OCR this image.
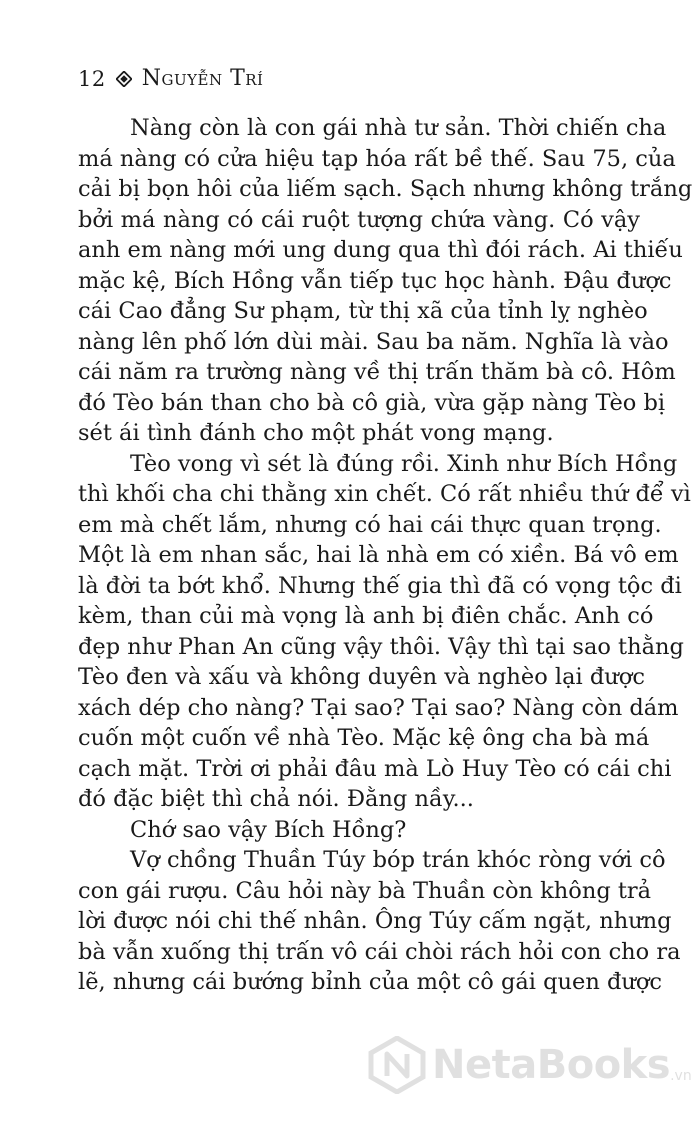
12 Nguyễn Trí
Nàng còn là con gái nhà tư sản. Thời chiến cha
má nàng có cửa hiệu tạp hóa rất bề thế. Sau 75, của
cải bị bọn hôi của liếm sạch. Sạch nhưng không trắng
bởi má nàng có cái ruột tượng chứa vàng. Có vậy
anh em nàng mới ung dung qua thì đói rách. Ai thiếu
mặc kệ, Bích Hồng vẫn tiếp tục học hành. Đậu được
cái Cao đẳng Sư phạm, từ thị xã của tỉnh lỵ nghèo
nàng lên phố lớn dùi mài. Sau ba năm. Nghĩa là vào
cái năm ra trường nàng về thị trấn thăm bà cô. Hôm
đó Tèo bán than cho bà cô già, vừa gặp nàng Tèo bị
sét ái tình đánh cho một phát vong mạng.
Tèo vong vì sét là đúng rồi. Xinh như Bích Hồng
thì khối cha chi thằng xin chết. Có rất nhiều thứ để vì
em mà chết lắm, nhưng có hai cái thực quan trọng.
Một là em nhan sắc, hai là nhà em có xiền. Bá vô em
là đời ta bớt khổ. Nhưng thế gia thì đã có vọng tộc đi
kèm, than củi mà vọng là anh bị điên chắc. Anh có
đẹp như Phan An cũng vậy thôi. Vậy thì tại sao thằng
Tèo đen và xấu và không duyên và nghèo lại được
xách dép cho nàng? Tại sao? Tại sao? Nàng còn dám
cuốn một cuốn về nhà Tèo. Mặc kệ ông cha bà má
cạch mặt. Trời ơi phải đâu mà Lò Huy Tèo có cái chi
đó đặc biệt thì chả nói. Đằng nầy...
Chớ sao vậy Bích Hồng?
Vợ chồng Thuần Túy bóp trán khóc ròng với cô
con gái rượu. Câu hỏi này bà Thuần còn không trả
lời được nói chi thế nhân. Ông Túy cấm ngặt, nhưng
bà vẫn xuống thị trấn vô cái chòi rách hỏi con cho ra
lẽ, nhưng cái bướng bỉnh của một cô gái quen được
NetaBooks .vn
